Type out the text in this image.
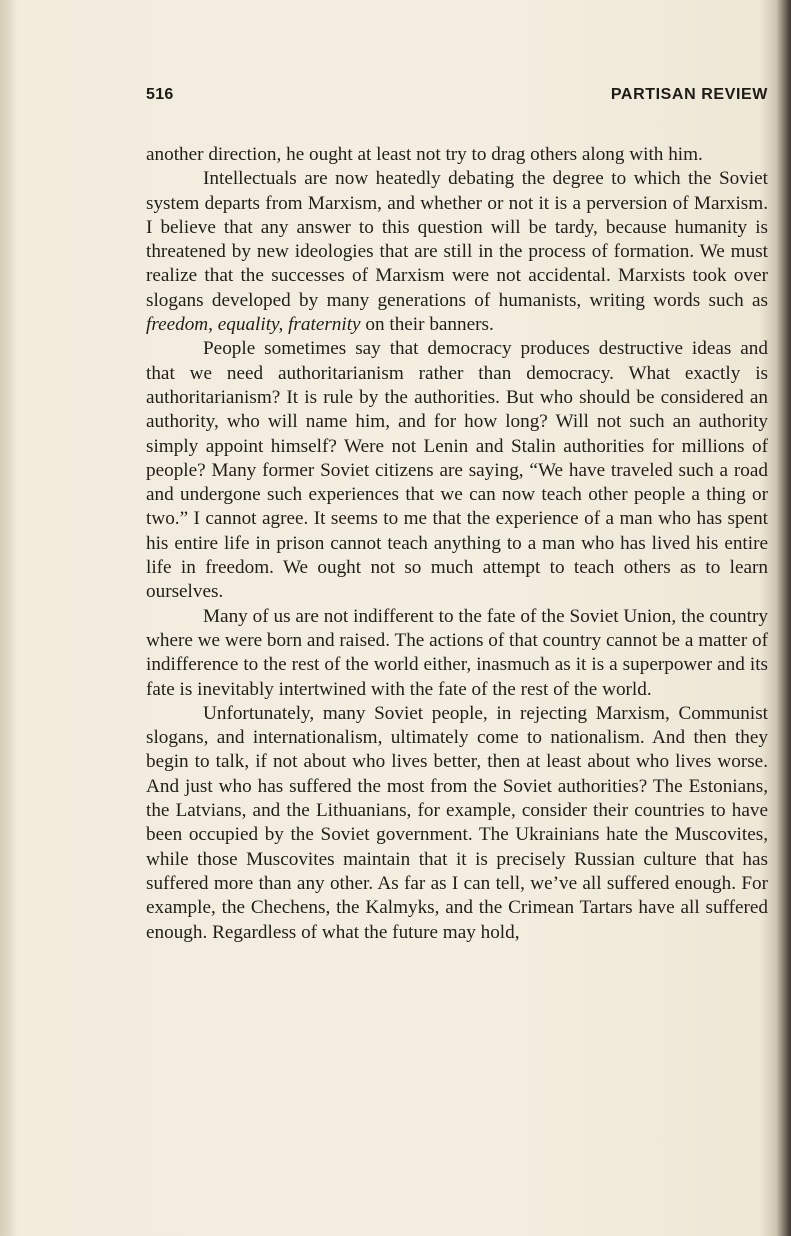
516	PARTISAN REVIEW

another direction, he ought at least not try to drag others along with him.

Intellectuals are now heatedly debating the degree to which the Soviet system departs from Marxism, and whether or not it is a perversion of Marxism. I believe that any answer to this question will be tardy, because humanity is threatened by new ideologies that are still in the process of formation. We must realize that the successes of Marxism were not accidental. Marxists took over slogans developed by many generations of humanists, writing words such as freedom, equality, fraternity on their banners.

People sometimes say that democracy produces destructive ideas and that we need authoritarianism rather than democracy. What exactly is authoritarianism? It is rule by the authorities. But who should be considered an authority, who will name him, and for how long? Will not such an authority simply appoint himself? Were not Lenin and Stalin authorities for millions of people? Many former Soviet citizens are saying, “We have traveled such a road and undergone such experiences that we can now teach other people a thing or two.” I cannot agree. It seems to me that the experience of a man who has spent his entire life in prison cannot teach anything to a man who has lived his entire life in freedom. We ought not so much attempt to teach others as to learn ourselves.

Many of us are not indifferent to the fate of the Soviet Union, the country where we were born and raised. The actions of that country cannot be a matter of indifference to the rest of the world either, inasmuch as it is a superpower and its fate is inevitably intertwined with the fate of the rest of the world.

Unfortunately, many Soviet people, in rejecting Marxism, Communist slogans, and internationalism, ultimately come to nationalism. And then they begin to talk, if not about who lives better, then at least about who lives worse. And just who has suffered the most from the Soviet authorities? The Estonians, the Latvians, and the Lithuanians, for example, consider their countries to have been occupied by the Soviet government. The Ukrainians hate the Muscovites, while those Muscovites maintain that it is precisely Russian culture that has suffered more than any other. As far as I can tell, we’ve all suffered enough. For example, the Chechens, the Kalmyks, and the Crimean Tartars have all suffered enough. Regardless of what the future may hold,
